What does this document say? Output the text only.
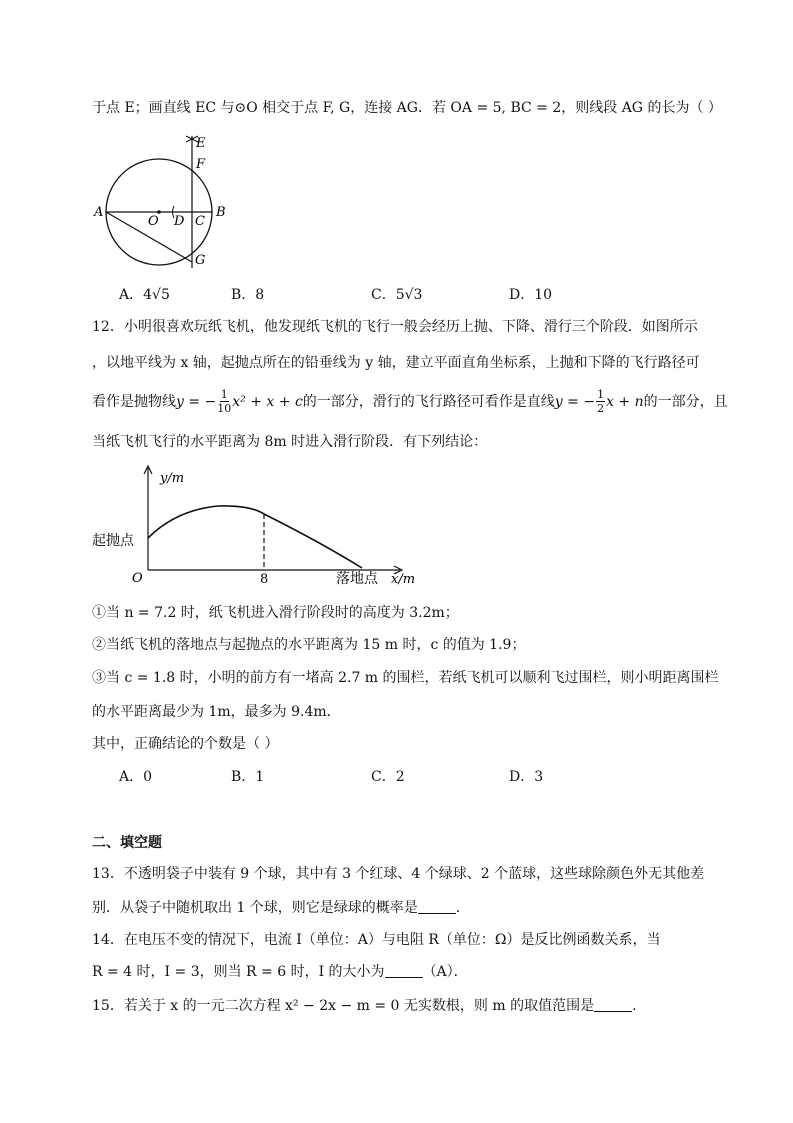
于点 E；画直线 EC 与⊙O 相交于点 F, G，连接 AG．若 OA = 5, BC = 2，则线段 AG 的长为（ ）
A
O D C
B
E
F
G
A．4√5	B．8	C．5√3	D．10
12．小明很喜欢玩纸飞机，他发现纸飞机的飞行一般会经历上抛、下降、滑行三个阶段．如图所示
，以地平线为 x 轴，起抛点所在的铅垂线为 y 轴，建立平面直角坐标系，上抛和下降的飞行路径可
看作是抛物线 y = − $\frac{1}{10} x^2 + x + c$ 的一部分，滑行的飞行路径可看作是直线 y = − $\frac{1}{2}$ x + n 的一部分，且
当纸飞机飞行的水平距离为 8m 时进入滑行阶段．有下列结论：
y/m
x/m
O	8
起抛点
落地点
①当 n = 7.2 时，纸飞机进入滑行阶段时的高度为 3.2m；
②当纸飞机的落地点与起抛点的水平距离为 15 m 时，c 的值为 1.9；
③当 c = 1.8 时，小明的前方有一堵高 2.7 m 的围栏，若纸飞机可以顺利飞过围栏，则小明距离围栏
的水平距离最少为 1m，最多为 9.4m．
其中，正确结论的个数是（ ）
A．0	B．1	C．2	D．3
二、填空题
13．不透明袋子中装有 9 个球，其中有 3 个红球、4 个绿球、2 个蓝球，这些球除颜色外无其他差
别．从袋子中随机取出 1 个球，则它是绿球的概率是	．
14．在电压不变的情况下，电流 I（单位：A）与电阻 R（单位：Ω）是反比例函数关系，当
R = 4 时，I = 3，则当 R = 6 时，I 的大小为	（A）．
15．若关于 x 的一元二次方程 x² − 2x − m = 0 无实数根，则 m 的取值范围是	．
